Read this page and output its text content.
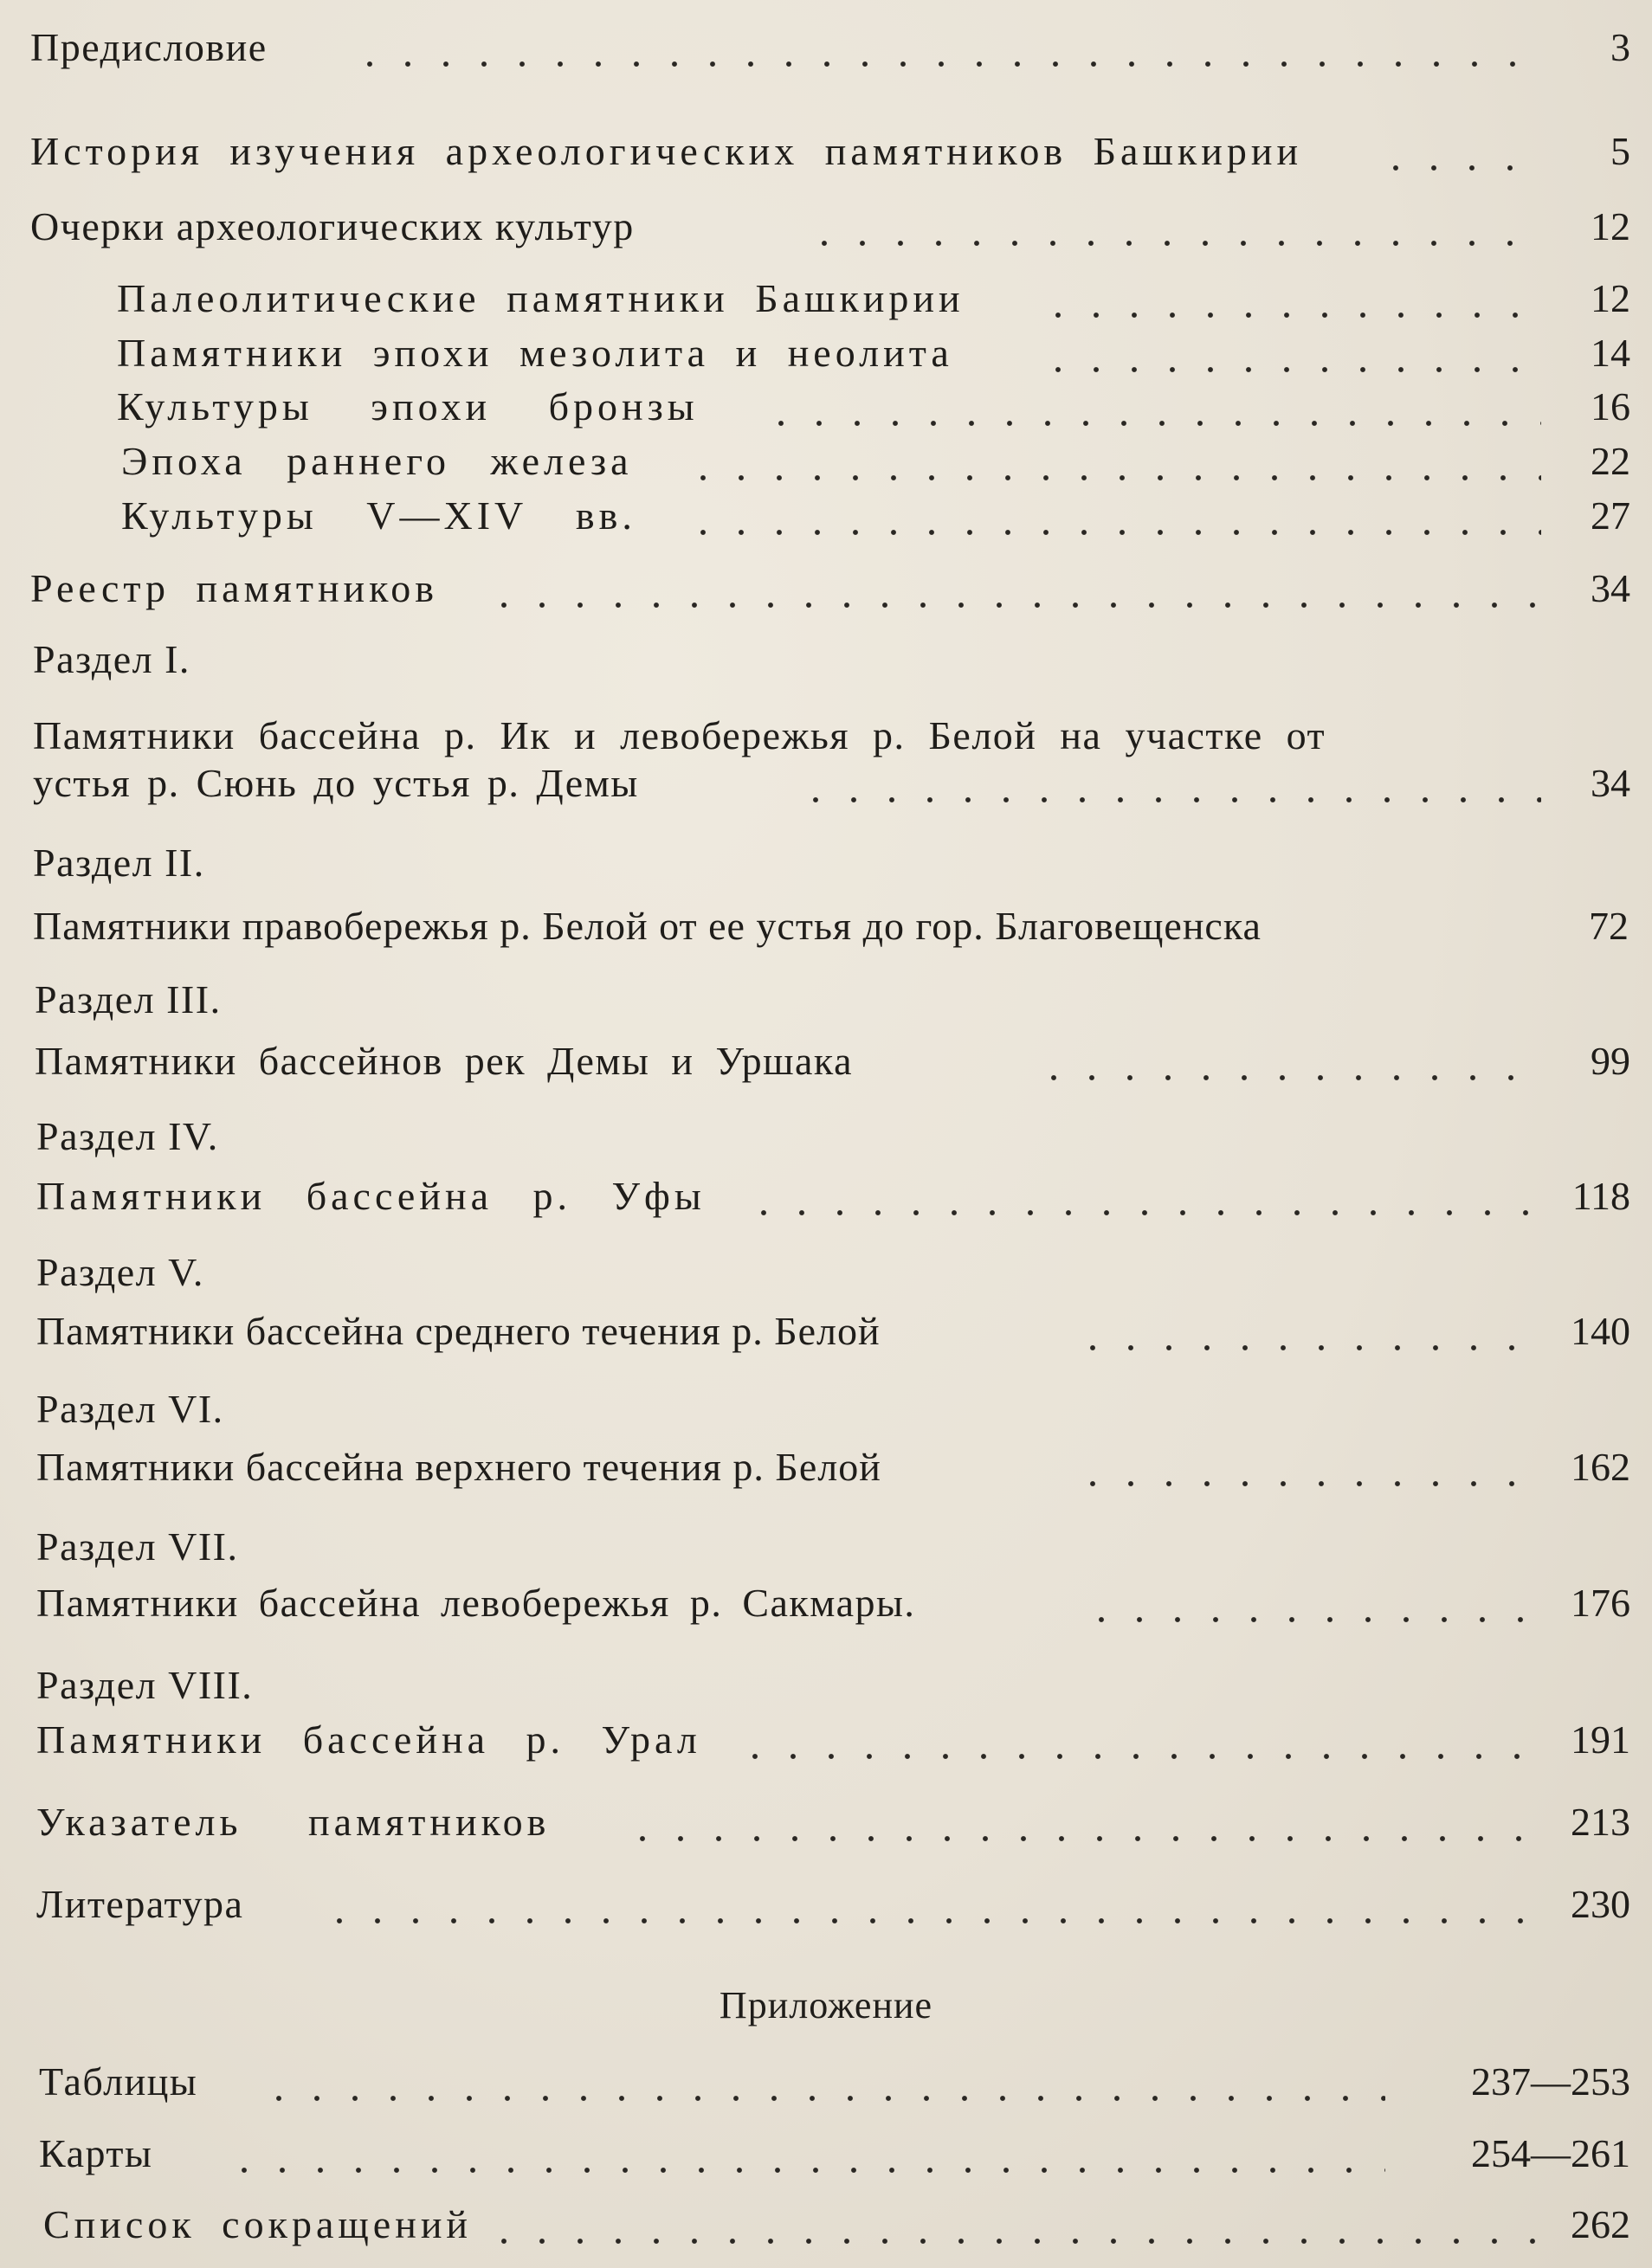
Предисловие	3
История изучения археологических памятников Башкирии	5
Очерки археологических культур	12
Палеолитические памятники Башкирии	12
Памятники эпохи мезолита и неолита	14
Культуры эпохи бронзы	16
Эпоха раннего железа	22
Культуры V—XIV вв.	27
Реестр памятников	34
Раздел I.
Памятники бассейна р. Ик и левобережья р. Белой на участке от
устья р. Сюнь до устья р. Демы	34
Раздел II.
Памятники правобережья р. Белой от ее устья до гор. Благовещенска	72
Раздел III.
Памятники бассейнов рек Демы и Уршака	99
Раздел IV.
Памятники бассейна р. Уфы	118
Раздел V.
Памятники бассейна среднего течения р. Белой	140
Раздел VI.
Памятники бассейна верхнего течения р. Белой	162
Раздел VII.
Памятники бассейна левобережья р. Сакмары.	176
Раздел VIII.
Памятники бассейна р. Урал	191
Указатель памятников	213
Литература	230
Приложение
Таблицы	237—253
Карты	254—261
Список сокращений	262
